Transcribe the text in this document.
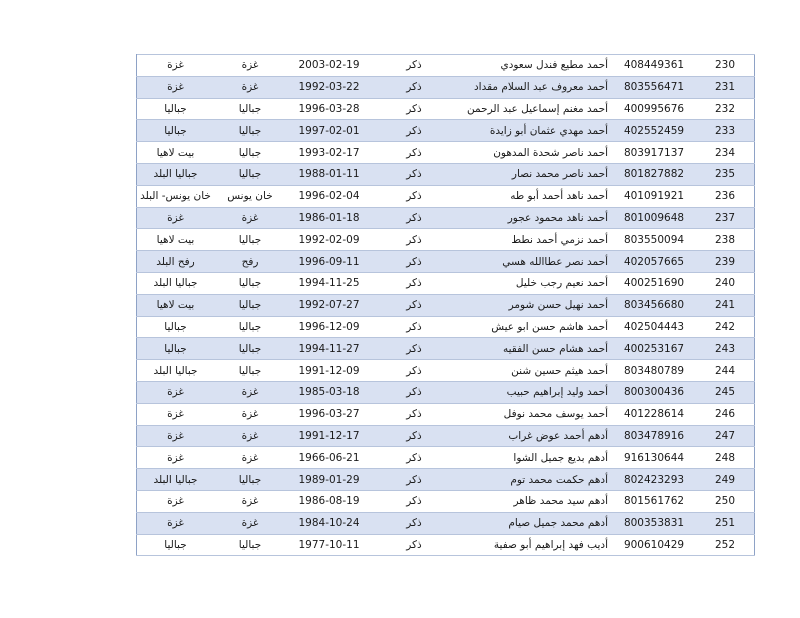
230	408449361	أحمد مطيع فندل سعودي	ذكر	2003-02-19	غزة	غزة
231	803556471	أحمد معروف عبد السلام مقداد	ذكر	1992-03-22	غزة	غزة
232	400995676	أحمد مغنم إسماعيل عبد الرحمن	ذكر	1996-03-28	جباليا	جباليا
233	402552459	أحمد مهدي عثمان أبو زايدة	ذكر	1997-02-01	جباليا	جباليا
234	803917137	أحمد ناصر شحدة المدهون	ذكر	1993-02-17	جباليا	بيت لاهيا
235	801827882	أحمد ناصر محمد نصار	ذكر	1988-01-11	جباليا	جباليا البلد
236	401091921	أحمد ناهد أحمد أبو طه	ذكر	1996-02-04	خان يونس	خان يونس- البلد
237	801009648	أحمد ناهد محمود عجور	ذكر	1986-01-18	غزة	غزة
238	803550094	أحمد نزمي أحمد نطط	ذكر	1992-02-09	جباليا	بيت لاهيا
239	402057665	أحمد نصر عطاالله هسي	ذكر	1996-09-11	رفح	رفح البلد
240	400251690	أحمد نعيم رجب خليل	ذكر	1994-11-25	جباليا	جباليا البلد
241	803456680	أحمد نهيل حسن شومر	ذكر	1992-07-27	جباليا	بيت لاهيا
242	402504443	أحمد هاشم حسن ابو عيش	ذكر	1996-12-09	جباليا	جباليا
243	400253167	أحمد هشام حسن الفقيه	ذكر	1994-11-27	جباليا	جباليا
244	803480789	أحمد هيثم حسين شنن	ذكر	1991-12-09	جباليا	جباليا البلد
245	800300436	أحمد وليد إبراهيم حبيب	ذكر	1985-03-18	غزة	غزة
246	401228614	أحمد يوسف محمد نوفل	ذكر	1996-03-27	غزة	غزة
247	803478916	أدهم أحمد عوض غراب	ذكر	1991-12-17	غزة	غزة
248	916130644	أدهم بديع جميل الشوا	ذكر	1966-06-21	غزة	غزة
249	802423293	أدهم حكمت محمد توم	ذكر	1989-01-29	جباليا	جباليا البلد
250	801561762	أدهم سيد محمد ظاهر	ذكر	1986-08-19	غزة	غزة
251	800353831	أدهم محمد جميل صيام	ذكر	1984-10-24	غزة	غزة
252	900610429	أديب فهد إبراهيم أبو صفية	ذكر	1977-10-11	جباليا	جباليا
